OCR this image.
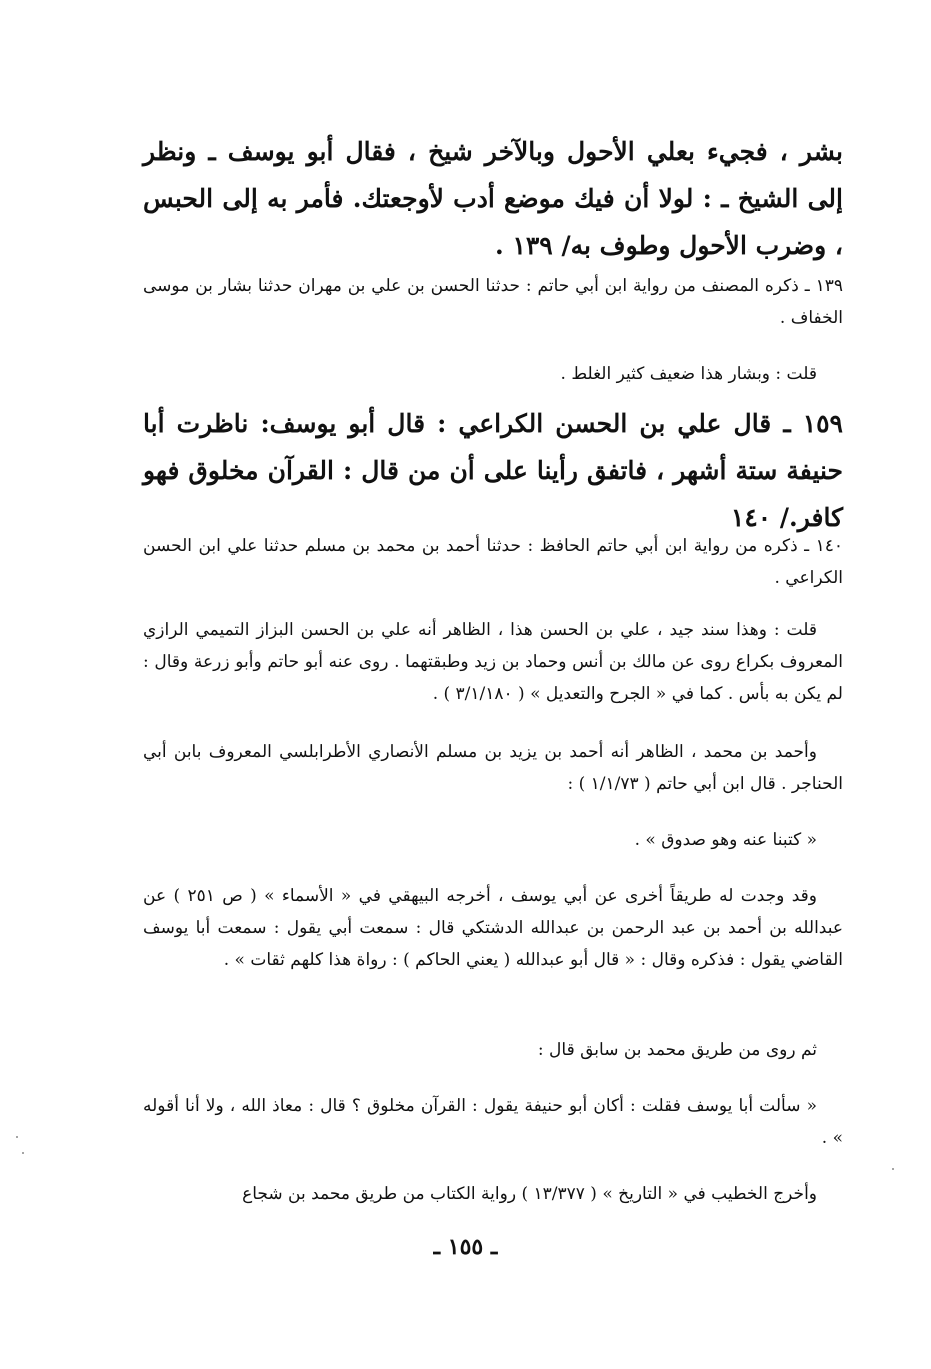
بشر ، فجيء بعلي الأحول وبالآخر شيخ ، فقال أبو يوسف ـ ونظر إلى الشيخ ـ : لولا أن فيك موضع أدب لأوجعتك. فأمر به إلى الحبس ، وضرب الأحول وطوف به/ ١٣٩ .
١٣٩ ـ ذكره المصنف من رواية ابن أبي حاتم : حدثنا الحسن بن علي بن مهران حدثنا بشار بن موسى الخفاف .
قلت : وبشار هذا ضعيف كثير الغلط .
١٥٩ ـ قال علي بن الحسن الكراعي : قال أبو يوسف: ناظرت أبا حنيفة ستة أشهر ، فاتفق رأينا على أن من قال : القرآن مخلوق فهو كافر./ ١٤٠
١٤٠ ـ ذكره من رواية ابن أبي حاتم الحافظ : حدثنا أحمد بن محمد بن مسلم حدثنا علي ابن الحسن الكراعي .
قلت : وهذا سند جيد ، علي بن الحسن هذا ، الظاهر أنه علي بن الحسن البزاز التميمي الرازي المعروف بكراع روى عن مالك بن أنس وحماد بن زيد وطبقتهما . روى عنه أبو حاتم وأبو زرعة وقال : لم يكن به بأس . كما في « الجرح والتعديل » ( ٣/١/١٨٠ ) .
وأحمد بن محمد ، الظاهر أنه أحمد بن يزيد بن مسلم الأنصاري الأطرابلسي المعروف بابن أبي الحناجر . قال ابن أبي حاتم ( ١/١/٧٣ ) :
« كتبنا عنه وهو صدوق » .
وقد وجدت له طريقاً أخرى عن أبي يوسف ، أخرجه البيهقي في « الأسماء » ( ص ٢٥١ ) عن عبدالله بن أحمد بن عبد الرحمن بن عبدالله الدشتكي قال : سمعت أبي يقول : سمعت أبا يوسف القاضي يقول : فذكره وقال : « قال أبو عبدالله ( يعني الحاكم ) : رواة هذا كلهم ثقات » .
ثم روى من طريق محمد بن سابق قال :
« سألت أبا يوسف فقلت : أكان أبو حنيفة يقول : القرآن مخلوق ؟ قال : معاذ الله ، ولا أنا أقوله » .
وأخرج الخطيب في « التاريخ » ( ١٣/٣٧٧ ) رواية الكتاب من طريق محمد بن شجاع
ـ ١٥٥ ـ
